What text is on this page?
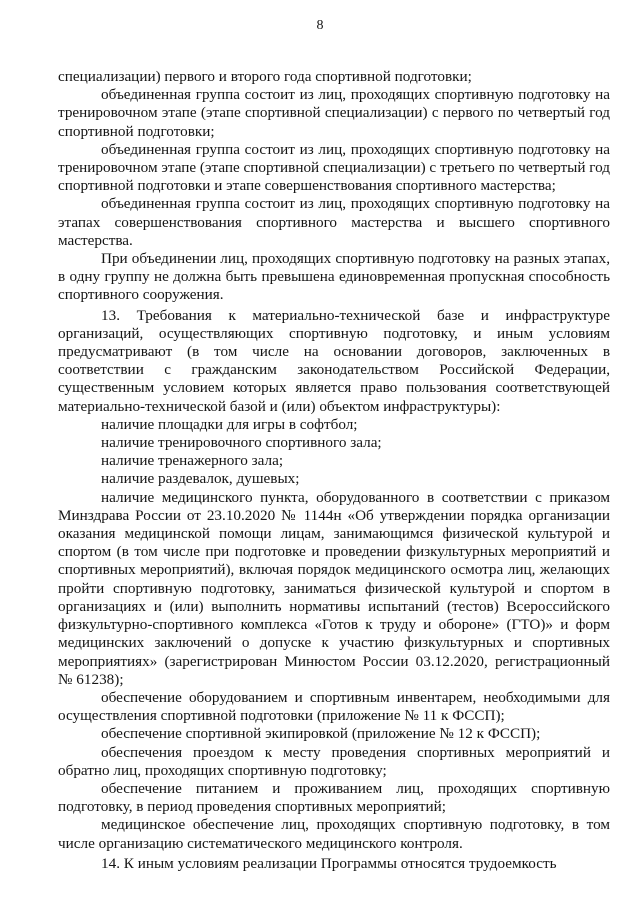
8

специализации) первого и второго года спортивной подготовки;

объединенная группа состоит из лиц, проходящих спортивную подготовку на тренировочном этапе (этапе спортивной специализации) с первого по четвертый год спортивной подготовки;

объединенная группа состоит из лиц, проходящих спортивную подготовку на тренировочном этапе (этапе спортивной специализации) с третьего по четвертый год спортивной подготовки и этапе совершенствования спортивного мастерства;

объединенная группа состоит из лиц, проходящих спортивную подготовку на этапах совершенствования спортивного мастерства и высшего спортивного мастерства.

При объединении лиц, проходящих спортивную подготовку на разных этапах, в одну группу не должна быть превышена единовременная пропускная способность спортивного сооружения.

13. Требования к материально-технической базе и инфраструктуре организаций, осуществляющих спортивную подготовку, и иным условиям предусматривают (в том числе на основании договоров, заключенных в соответствии с гражданским законодательством Российской Федерации, существенным условием которых является право пользования соответствующей материально-технической базой и (или) объектом инфраструктуры):

наличие площадки для игры в софтбол;

наличие тренировочного спортивного зала;

наличие тренажерного зала;

наличие раздевалок, душевых;

наличие медицинского пункта, оборудованного в соответствии с приказом Минздрава России от 23.10.2020 № 1144н «Об утверждении порядка организации оказания медицинской помощи лицам, занимающимся физической культурой и спортом (в том числе при подготовке и проведении физкультурных мероприятий и спортивных мероприятий), включая порядок медицинского осмотра лиц, желающих пройти спортивную подготовку, заниматься физической культурой и спортом в организациях и (или) выполнить нормативы испытаний (тестов) Всероссийского физкультурно-спортивного комплекса «Готов к труду и обороне» (ГТО)» и форм медицинских заключений о допуске к участию физкультурных и спортивных мероприятиях» (зарегистрирован Минюстом России 03.12.2020, регистрационный № 61238);

обеспечение оборудованием и спортивным инвентарем, необходимыми для осуществления спортивной подготовки (приложение № 11 к ФССП);

обеспечение спортивной экипировкой (приложение № 12 к ФССП);

обеспечения проездом к месту проведения спортивных мероприятий и обратно лиц, проходящих спортивную подготовку;

обеспечение питанием и проживанием лиц, проходящих спортивную подготовку, в период проведения спортивных мероприятий;

медицинское обеспечение лиц, проходящих спортивную подготовку, в том числе организацию систематического медицинского контроля.

14. К иным условиям реализации Программы относятся трудоемкость
